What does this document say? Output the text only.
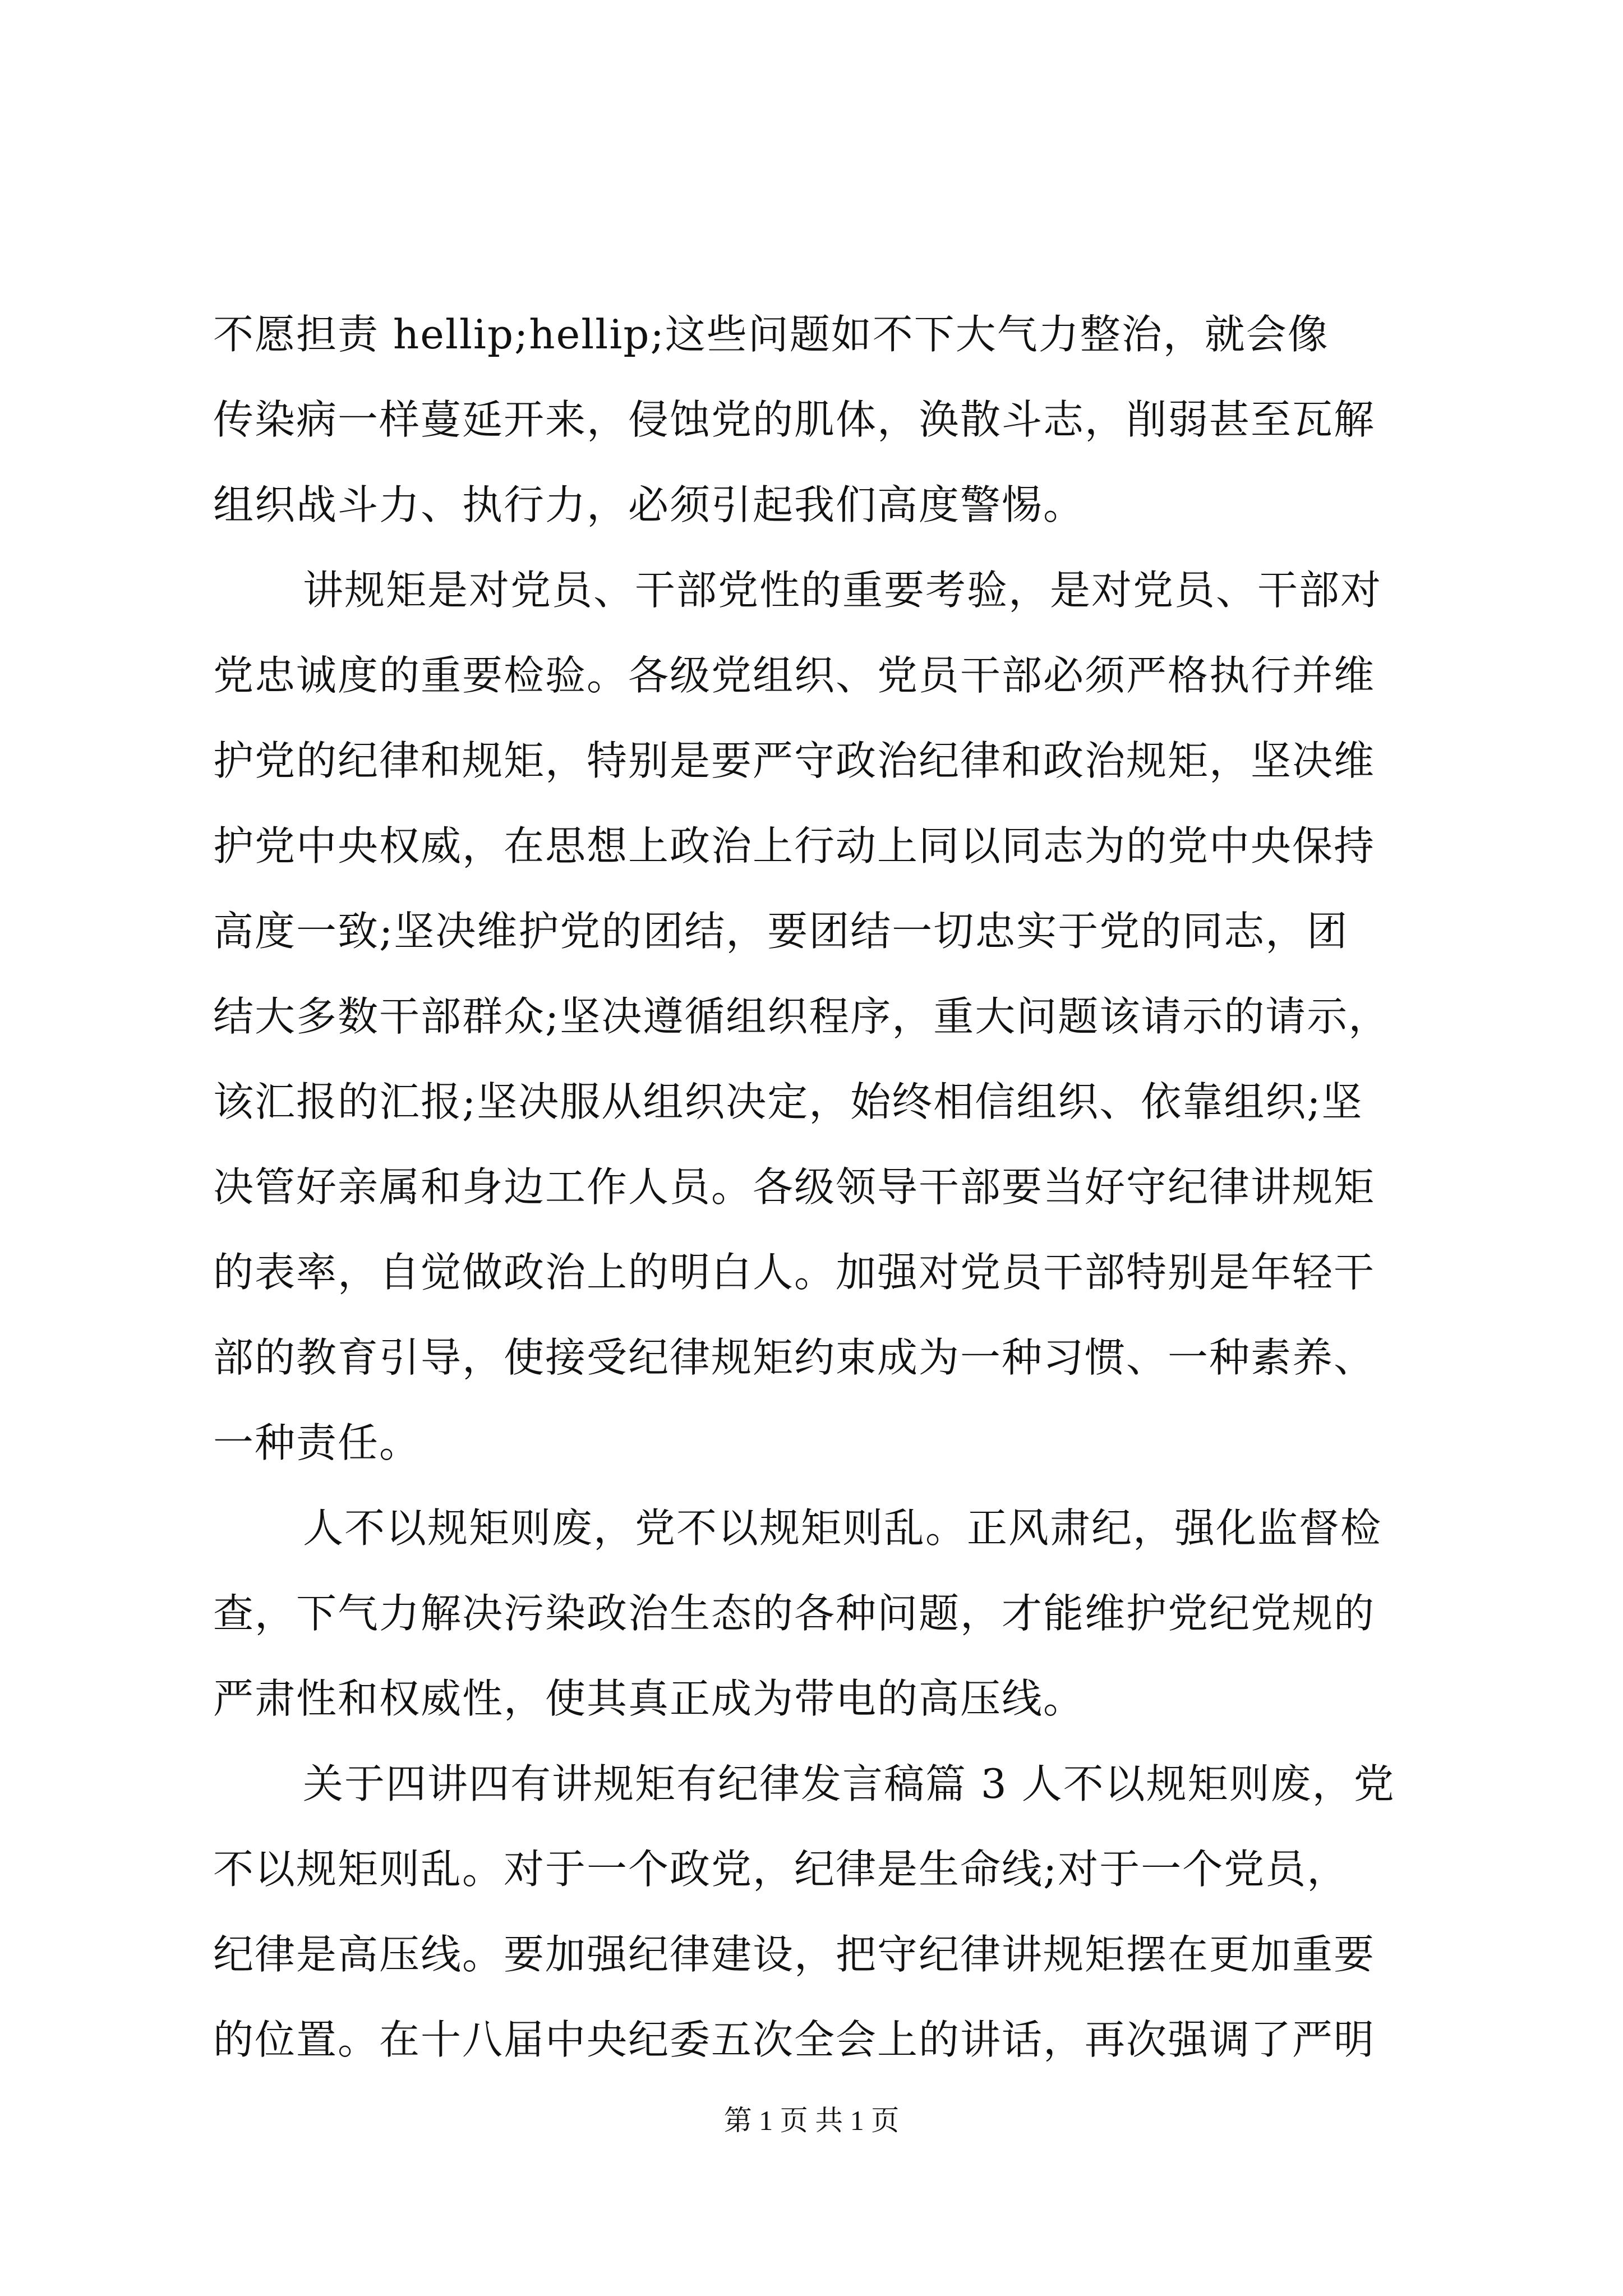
不愿担责 hellip;hellip;这些问题如不下大气力整治，就会像
传染病一样蔓延开来，侵蚀党的肌体，涣散斗志，削弱甚至瓦解
组织战斗力、执行力，必须引起我们高度警惕。
讲规矩是对党员、干部党性的重要考验，是对党员、干部对
党忠诚度的重要检验。各级党组织、党员干部必须严格执行并维
护党的纪律和规矩，特别是要严守政治纪律和政治规矩，坚决维
护党中央权威，在思想上政治上行动上同以同志为的党中央保持
高度一致;坚决维护党的团结，要团结一切忠实于党的同志，团
结大多数干部群众;坚决遵循组织程序，重大问题该请示的请示，
该汇报的汇报;坚决服从组织决定，始终相信组织、依靠组织;坚
决管好亲属和身边工作人员。各级领导干部要当好守纪律讲规矩
的表率，自觉做政治上的明白人。加强对党员干部特别是年轻干
部的教育引导，使接受纪律规矩约束成为一种习惯、一种素养、
一种责任。
人不以规矩则废，党不以规矩则乱。正风肃纪，强化监督检
查，下气力解决污染政治生态的各种问题，才能维护党纪党规的
严肃性和权威性，使其真正成为带电的高压线。
关于四讲四有讲规矩有纪律发言稿篇 3 人不以规矩则废，党
不以规矩则乱。对于一个政党，纪律是生命线;对于一个党员，
纪律是高压线。要加强纪律建设，把守纪律讲规矩摆在更加重要
的位置。在十八届中央纪委五次全会上的讲话，再次强调了严明
第 1 页 共 1 页
